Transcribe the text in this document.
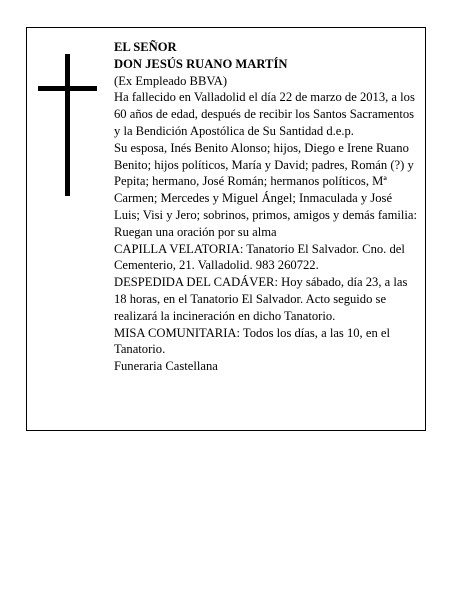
EL SEÑOR

DON JESÚS RUANO MARTÍN

(Ex Empleado BBVA)

Ha fallecido en Valladolid el día 22 de marzo de 2013, a los 60 años de edad, después de recibir los Santos Sacramentos y la Bendición Apostólica de Su Santidad d.e.p.

Su esposa, Inés Benito Alonso; hijos, Diego e Irene Ruano Benito; hijos políticos, María y David; padres, Román (?) y Pepita; hermano, José Román; hermanos políticos, Mª Carmen; Mercedes y Miguel Ángel; Inmaculada y José Luis; Visi y Jero; sobrinos, primos, amigos y demás familia:

Ruegan una oración por su alma

CAPILLA VELATORIA: Tanatorio El Salvador. Cno. del Cementerio, 21. Valladolid. 983 260722.

DESPEDIDA DEL CADÁVER: Hoy sábado, día 23, a las 18 horas, en el Tanatorio El Salvador. Acto seguido se realizará la incineración en dicho Tanatorio.

MISA COMUNITARIA: Todos los días, a las 10, en el Tanatorio.

Funeraria Castellana
